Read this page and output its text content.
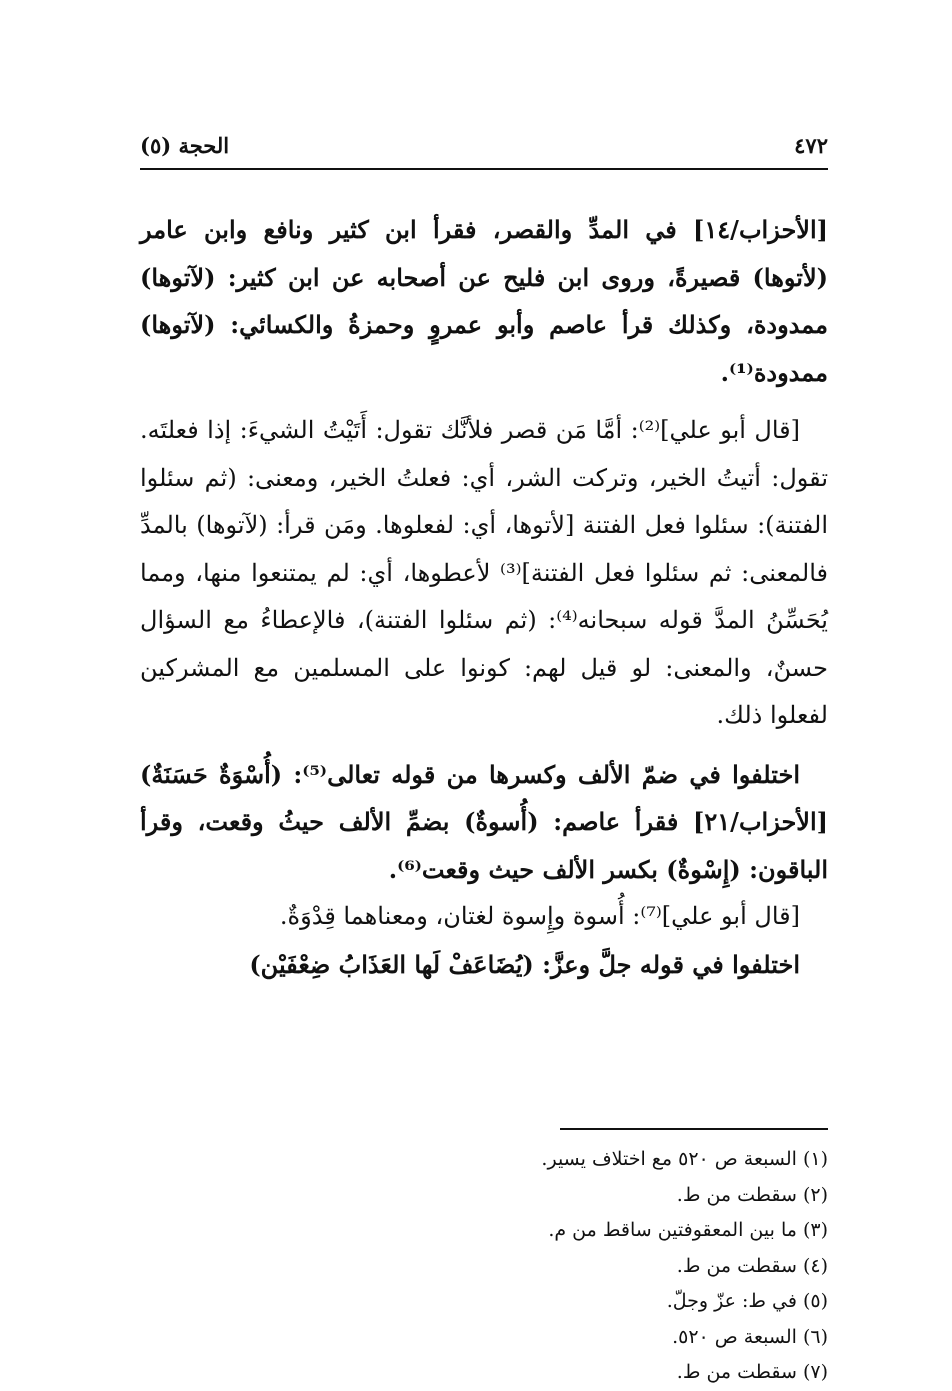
٤٧٢
الحجة (٥)

[الأحزاب/١٤] في المدِّ والقصر، فقرأ ابن كثير ونافع وابن عامر (لأتوها) قصيرةً، وروى ابن فليح عن أصحابه عن ابن كثير: (لآتوها) ممدودة، وكذلك قرأ عاصم وأبو عمروٍ وحمزةُ والكسائي: (لآتوها) ممدودة⁽¹⁾.

[قال أبو علي]⁽²⁾: أمَّا مَن قصر فلأنَّك تقول: أَتَيْتُ الشيءَ: إذا فعلتَه. تقول: أتيتُ الخير، وتركت الشر، أي: فعلتُ الخير، ومعنى: (ثم سئلوا الفتنة): سئلوا فعل الفتنة [لأتوها، أي: لفعلوها. ومَن قرأ: (لآتوها) بالمدِّ فالمعنى: ثم سئلوا فعل الفتنة]⁽³⁾ لأعطوها، أي: لم يمتنعوا منها، ومما يُحَسِّنُ المدَّ قوله سبحانه⁽⁴⁾: (ثم سئلوا الفتنة)، فالإعطاءُ مع السؤال حسنٌ، والمعنى: لو قيل لهم: كونوا على المسلمين مع المشركين لفعلوا ذلك.

اختلفوا في ضمّ الألف وكسرها من قوله تعالى⁽⁵⁾: (أُسْوَةٌ حَسَنَةٌ) [الأحزاب/٢١] فقرأ عاصم: (أُسوةٌ) بضمِّ الألف حيثُ وقعت، وقرأ الباقون: (إِسْوةٌ) بكسر الألف حيث وقعت⁽⁶⁾.

[قال أبو علي]⁽⁷⁾: أُسوة وإِسوة لغتان، ومعناهما قِدْوَةٌ.

اختلفوا في قوله جلَّ وعزَّ: (يُضَاعَفْ لَها العَذَابُ ضِعْفَيْن)

(١) السبعة ص ٥٢٠ مع اختلاف يسير.
(٢) سقطت من ط.
(٣) ما بين المعقوفتين ساقط من م.
(٤) سقطت من ط.
(٥) في ط: عزّ وجلّ.
(٦) السبعة ص ٥٢٠.
(٧) سقطت من ط.
